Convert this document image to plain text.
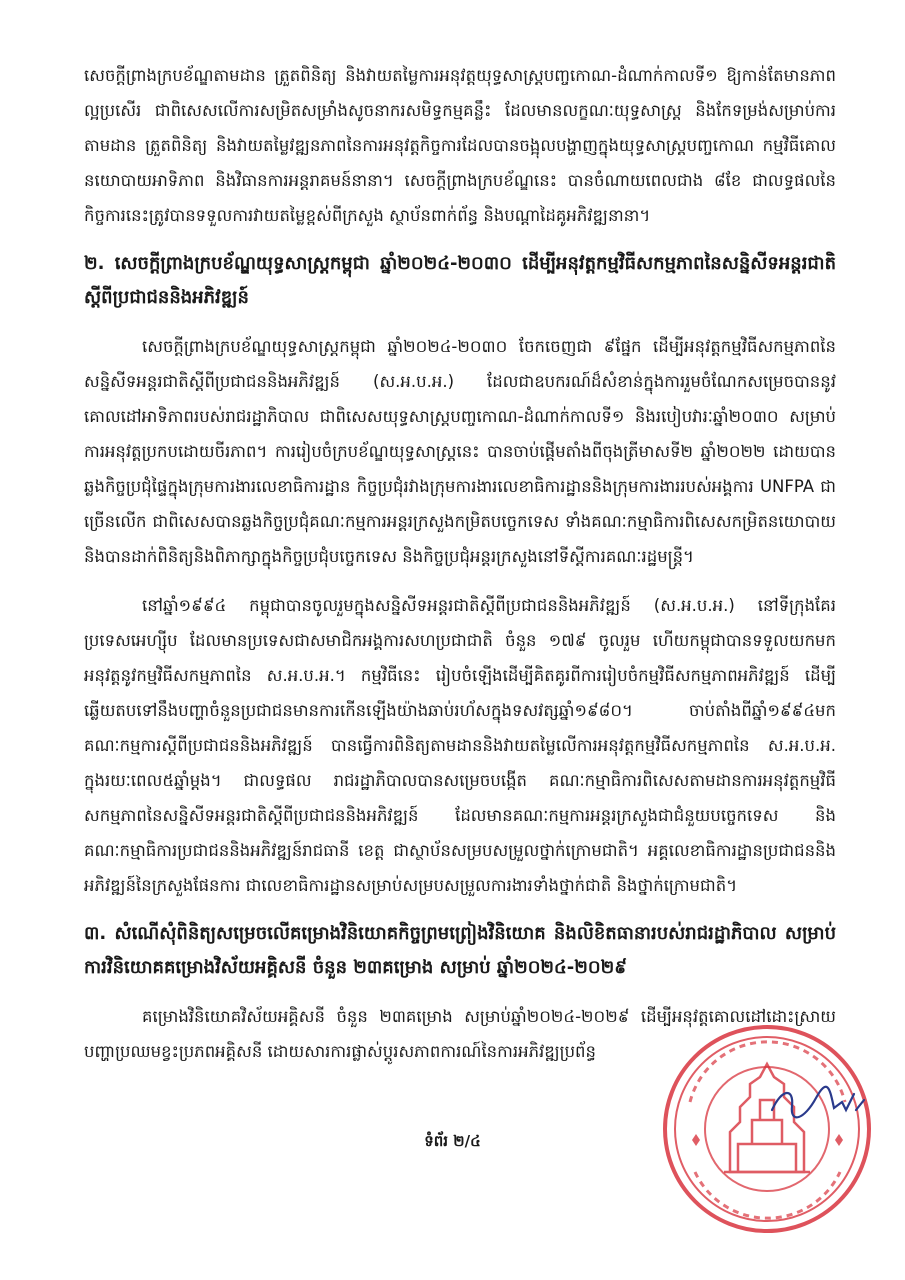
សេចក្តីព្រាងក្របខ័ណ្ឌតាមដាន ត្រួតពិនិត្យ និងវាយតម្លៃការអនុវត្តយុទ្ធសាស្រ្តបញ្ចកោណ-ដំណាក់កាលទី១ ឱ្យកាន់តែមានភាពល្អប្រសើរ ជាពិសេសលើការសម្រិតសម្រាំងសូចនាករសមិទ្ធកម្មគន្លឹះ ដែលមានលក្ខណៈយុទ្ធសាស្ត្រ និងកែទម្រង់សម្រាប់ការតាមដាន ត្រួតពិនិត្យ និងវាយតម្លៃវឌ្ឍនភាពនៃការអនុវត្តកិច្ចការដែលបានចង្អុលបង្ហាញក្នុងយុទ្ធសាស្ត្របញ្ចកោណ កម្មវិធីគោលនយោបាយអាទិភាព និងវិធានការអន្តរាគមន៍នានា។ សេចក្តីព្រាងក្របខ័ណ្ឌនេះ បានចំណាយពេលជាង ៨ខែ ជាលទ្ធផលនៃកិច្ចការនេះត្រូវបានទទួលការវាយតម្លៃខ្ពស់ពីក្រសួង ស្ថាប័នពាក់ព័ន្ធ និងបណ្ដាដៃគូអភិវឌ្ឍនានា។

២. សេចក្តីព្រាងក្របខ័ណ្ឌយុទ្ធសាស្ត្រកម្ពុជា ឆ្នាំ២០២៤-២០៣០ ដើម្បីអនុវត្តកម្មវិធីសកម្មភាពនៃសន្និសីទអន្តរជាតិស្តីពីប្រជាជននិងអភិវឌ្ឍន៍

សេចក្តីព្រាងក្របខ័ណ្ឌយុទ្ធសាស្ត្រកម្ពុជា ឆ្នាំ២០២៤-២០៣០ ចែកចេញជា ៩ផ្នែក ដើម្បីអនុវត្តកម្មវិធីសកម្មភាពនៃសន្និសីទអន្តរជាតិស្តីពីប្រជាជននិងអភិវឌ្ឍន៍ (ស.អ.ប.អ.) ដែលជាឧបករណ៍ដ៏សំខាន់ក្នុងការរួមចំណែកសម្រេចបាននូវគោលដៅអាទិភាពរបស់រាជរដ្ឋាភិបាល ជាពិសេសយុទ្ធសាស្ត្របញ្ចកោណ-ដំណាក់កាលទី១ និងរបៀបវារៈឆ្នាំ២០៣០ សម្រាប់ការអនុវត្តប្រកបដោយចីរភាព។ ការរៀបចំក្របខ័ណ្ឌយុទ្ធសាស្ត្រនេះ បានចាប់ផ្តើមតាំងពីចុងត្រីមាសទី២ ឆ្នាំ២០២២ ដោយបានឆ្លងកិច្ចប្រជុំផ្ទៃក្នុងក្រុមការងារលេខាធិការដ្ឋាន កិច្ចប្រជុំរវាងក្រុមការងារលេខាធិការដ្ឋាននិងក្រុមការងាររបស់អង្គការ UNFPA ជាច្រើនលើក ជាពិសេសបានឆ្លងកិច្ចប្រជុំគណៈកម្មការអន្តរក្រសួងកម្រិតបច្ចេកទេស ទាំងគណៈកម្មាធិការពិសេសកម្រិតនយោបាយ និងបានដាក់ពិនិត្យនិងពិភាក្សាក្នុងកិច្ចប្រជុំបច្ចេកទេស និងកិច្ចប្រជុំអន្តរក្រសួងនៅទីស្តីការគណៈរដ្ឋមន្ត្រី។

នៅឆ្នាំ១៩៩៤ កម្ពុជាបានចូលរួមក្នុងសន្និសីទអន្តរជាតិស្តីពីប្រជាជននិងអភិវឌ្ឍន៍ (ស.អ.ប.អ.) នៅទីក្រុងគែរ ប្រទេសអេហ្ស៊ីប ដែលមានប្រទេសជាសមាជិកអង្គការសហប្រជាជាតិ ចំនួន ១៧៩ ចូលរួម ហើយកម្ពុជាបានទទួលយកមកអនុវត្តនូវកម្មវិធីសកម្មភាពនៃ ស.អ.ប.អ.។ កម្មវិធីនេះ រៀបចំឡើងដើម្បីគិតគូរពីការរៀបចំកម្មវិធីសកម្មភាពអភិវឌ្ឍន៍ ដើម្បីឆ្លើយតបទៅនឹងបញ្ហាចំនួនប្រជាជនមានការកើនឡើងយ៉ាងឆាប់រហ័សក្នុងទសវត្សឆ្នាំ១៩៨០។ ចាប់តាំងពីឆ្នាំ១៩៩៤មក គណៈកម្មការស្តីពីប្រជាជននិងអភិវឌ្ឍន៍ បានធ្វើការពិនិត្យតាមដាននិងវាយតម្លៃលើការអនុវត្តកម្មវិធីសកម្មភាពនៃ ស.អ.ប.អ. ក្នុងរយៈពេល៥ឆ្នាំម្តង។ ជាលទ្ធផល រាជរដ្ឋាភិបាលបានសម្រេចបង្កើត គណៈកម្មាធិការពិសេសតាមដានការអនុវត្តកម្មវិធីសកម្មភាពនៃសន្និសីទអន្តរជាតិស្តីពីប្រជាជននិងអភិវឌ្ឍន៍ ដែលមានគណៈកម្មការអន្តរក្រសួងជាជំនួយបច្ចេកទេស និងគណៈកម្មាធិការប្រជាជននិងអភិវឌ្ឍន៍រាជធានី ខេត្ត ជាស្ថាប័នសម្របសម្រួលថ្នាក់ក្រោមជាតិ។ អគ្គលេខាធិការដ្ឋានប្រជាជននិងអភិវឌ្ឍន៍នៃក្រសួងផែនការ ជាលេខាធិការដ្ឋានសម្រាប់សម្របសម្រួលការងារទាំងថ្នាក់ជាតិ និងថ្នាក់ក្រោមជាតិ។

៣. សំណើសុំពិនិត្យសម្រេចលើគម្រោងវិនិយោគកិច្ចព្រមព្រៀងវិនិយោគ និងលិខិតធានារបស់រាជរដ្ឋាភិបាល សម្រាប់ការវិនិយោគគម្រោងវិស័យអគ្គិសនី ចំនួន ២៣គម្រោង សម្រាប់ ឆ្នាំ២០២៤-២០២៩

គម្រោងវិនិយោគវិស័យអគ្គិសនី ចំនួន ២៣គម្រោង សម្រាប់ឆ្នាំ២០២៤-២០២៩ ដើម្បីអនុវត្តគោលដៅដោះស្រាយបញ្ហាប្រឈមខ្វះប្រភពអគ្គិសនី ដោយសារការផ្លាស់ប្តូរសភាពការណ៍នៃការអភិវឌ្ឍប្រព័ន្ធ

ទំព័រ ២/៤
